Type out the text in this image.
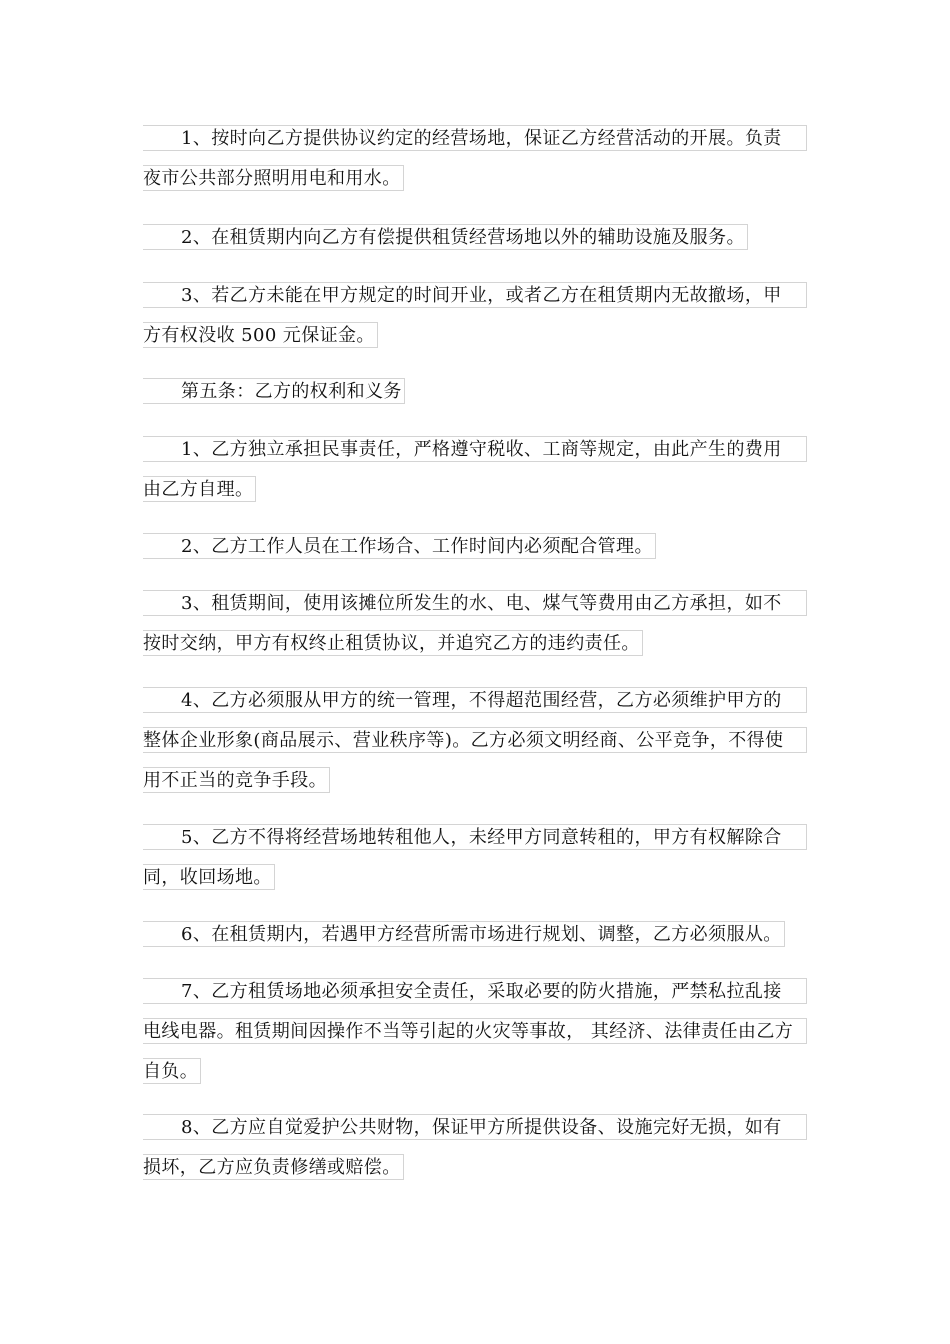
1、按时向乙方提供协议约定的经营场地，保证乙方经营活动的开展。负责
夜市公共部分照明用电和用水。
2、在租赁期内向乙方有偿提供租赁经营场地以外的辅助设施及服务。
3、若乙方未能在甲方规定的时间开业，或者乙方在租赁期内无故撤场，甲
方有权没收 500 元保证金。
第五条：乙方的权利和义务
1、乙方独立承担民事责任，严格遵守税收、工商等规定，由此产生的费用
由乙方自理。
2、乙方工作人员在工作场合、工作时间内必须配合管理。
3、租赁期间，使用该摊位所发生的水、电、煤气等费用由乙方承担，如不
按时交纳，甲方有权终止租赁协议，并追究乙方的违约责任。
4、乙方必须服从甲方的统一管理，不得超范围经营，乙方必须维护甲方的
整体企业形象(商品展示、营业秩序等)。乙方必须文明经商、公平竞争，不得使
用不正当的竞争手段。
5、乙方不得将经营场地转租他人，未经甲方同意转租的，甲方有权解除合
同，收回场地。
6、在租赁期内，若遇甲方经营所需市场进行规划、调整，乙方必须服从。
7、乙方租赁场地必须承担安全责任，采取必要的防火措施，严禁私拉乱接
电线电器。租赁期间因操作不当等引起的火灾等事故， 其经济、法律责任由乙方
自负。
8、乙方应自觉爱护公共财物，保证甲方所提供设备、设施完好无损，如有
损坏，乙方应负责修缮或赔偿。
